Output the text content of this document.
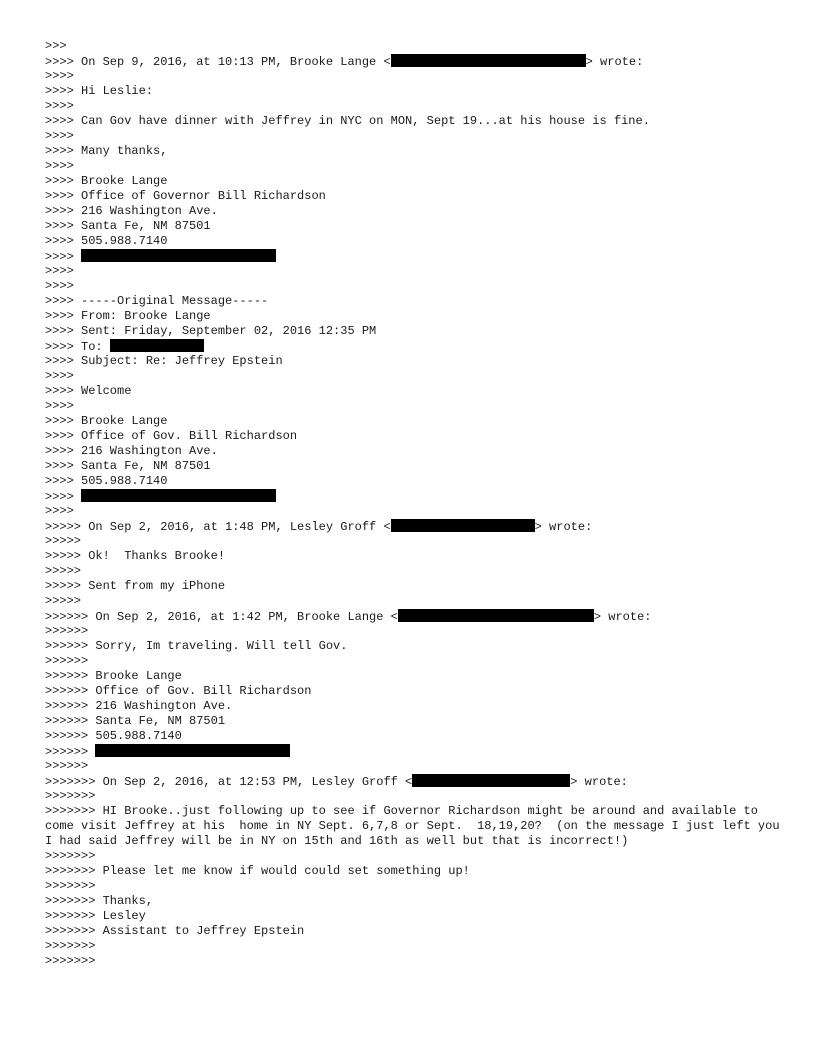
>>>
>>>> On Sep 9, 2016, at 10:13 PM, Brooke Lange <	> wrote:
>>>>
>>>> Hi Leslie:
>>>>
>>>> Can Gov have dinner with Jeffrey in NYC on MON, Sept 19...at his house is fine.
>>>>
>>>> Many thanks,
>>>>
>>>> Brooke Lange
>>>> Office of Governor Bill Richardson
>>>> 216 Washington Ave.
>>>> Santa Fe, NM 87501
>>>> 505.988.7140
>>>>
>>>>
>>>>
>>>> -----Original Message-----
>>>> From: Brooke Lange
>>>> Sent: Friday, September 02, 2016 12:35 PM
>>>> To:
>>>> Subject: Re: Jeffrey Epstein
>>>>
>>>> Welcome
>>>>
>>>> Brooke Lange
>>>> Office of Gov. Bill Richardson
>>>> 216 Washington Ave.
>>>> Santa Fe, NM 87501
>>>> 505.988.7140
>>>>
>>>>
>>>>> On Sep 2, 2016, at 1:48 PM, Lesley Groff <	> wrote:
>>>>>
>>>>> Ok!  Thanks Brooke!
>>>>>
>>>>> Sent from my iPhone
>>>>>
>>>>>> On Sep 2, 2016, at 1:42 PM, Brooke Lange <	> wrote:
>>>>>>
>>>>>> Sorry, Im traveling. Will tell Gov.
>>>>>>
>>>>>> Brooke Lange
>>>>>> Office of Gov. Bill Richardson
>>>>>> 216 Washington Ave.
>>>>>> Santa Fe, NM 87501
>>>>>> 505.988.7140
>>>>>>
>>>>>>
>>>>>>> On Sep 2, 2016, at 12:53 PM, Lesley Groff <	> wrote:
>>>>>>>
>>>>>>> HI Brooke..just following up to see if Governor Richardson might be around and available to come visit Jeffrey at his  home in NY Sept. 6,7,8 or Sept.  18,19,20?  (on the message I just left you I had said Jeffrey will be in NY on 15th and 16th as well but that is incorrect!)
>>>>>>>
>>>>>>> Please let me know if would could set something up!
>>>>>>>
>>>>>>> Thanks,
>>>>>>> Lesley
>>>>>>> Assistant to Jeffrey Epstein
>>>>>>>
>>>>>>>
